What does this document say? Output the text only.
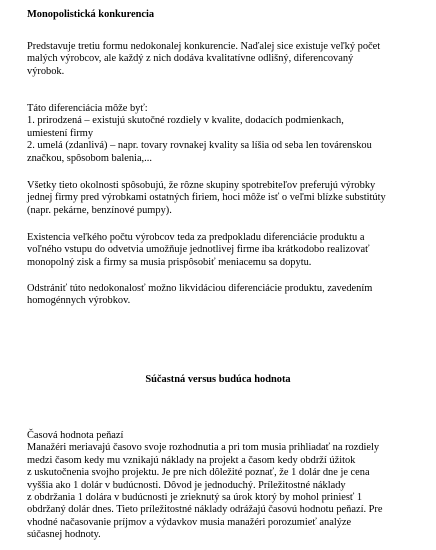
Monopolistická konkurencia

Predstavuje tretiu formu nedokonalej konkurencie. Naďalej sice existuje veľký počet
malých výrobcov, ale každý z nich dodáva kvalitatívne odlišný, diferencovaný
výrobok.

Táto diferenciácia môže byť:
1. prirodzená – existujú skutočné rozdiely v kvalite, dodacích podmienkach,
umiestení firmy
2. umelá (zdanlivá) – napr. tovary rovnakej kvality sa líšia od seba len továrenskou
značkou, spôsobom balenia,...

Všetky tieto okolnosti spôsobujú, že rôzne skupiny spotrebiteľov preferujú výrobky
jednej firmy pred výrobkami ostatných firiem, hoci môže isť o veľmi blízke substitúty
(napr. pekárne, benzínové pumpy).

Existencia veľkého počtu výrobcov teda za predpokladu diferenciácie produktu a
voľného vstupu do odvetvia umožňuje jednotlivej firme iba krátkodobo realizovať
monopolný zisk a firmy sa musia prispôsobiť meniacemu sa dopytu.

Odstrániť túto nedokonalosť možno likvidáciou diferenciácie produktu, zavedením
homogénnych výrobkov.

Súčastná versus budúca hodnota

Časová hodnota peňazí
Manažéri meriavajú časovo svoje rozhodnutia a pri tom musia prihliadať na rozdiely
medzi časom kedy mu vznikajú náklady na projekt a časom kedy obdrží úžitok
z uskutočnenia svojho projektu. Je pre nich dôležité poznať, že 1 dolár dne je cena
vyššia ako 1 dolár v budúcnosti. Dôvod je jednoduchý. Príležitostné náklady
z obdržania 1 dolára v budúcnosti je zrieknutý sa úrok ktorý by mohol priniesť 1
obdržaný dolár dnes. Tieto príležitostné náklady odrážajú časovú hodnotu peňazí. Pre
vhodné načasovanie príjmov a výdavkov musia manažéri porozumieť analýze
súčasnej hodnoty.
